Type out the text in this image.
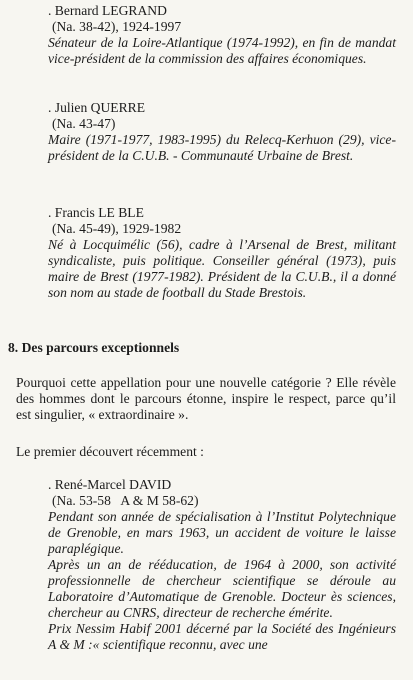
. Bernard LEGRAND
(Na. 38-42), 1924-1997

Sénateur de la Loire-Atlantique (1974-1992), en fin de mandat vice-président de la commission des affaires économiques.

. Julien QUERRE
(Na. 43-47)

Maire (1971-1977, 1983-1995) du Relecq-Kerhuon (29), vice-président de la C.U.B. - Communauté Urbaine de Brest.

. Francis LE BLE
(Na. 45-49), 1929-1982

Né à Locquimélic (56), cadre à l’Arsenal de Brest, militant syndicaliste, puis politique. Conseiller général (1973), puis maire de Brest (1977-1982). Président de la C.U.B., il a donné son nom au stade de football du Stade Brestois.

8. Des parcours exceptionnels

Pourquoi cette appellation pour une nouvelle catégorie ? Elle révèle des hommes dont le parcours étonne, inspire le respect, parce qu’il est singulier, « extraordinaire ».

Le premier découvert récemment :
. René-Marcel DAVID
(Na. 53-58   A & M 58-62)

Pendant son année de spécialisation à l’Institut Polytechnique de Grenoble, en mars 1963, un accident de voiture le laisse paraplégique.

Après un an de rééducation, de 1964 à 2000, son activité professionnelle de chercheur scientifique se déroule au Laboratoire d’Automatique de Grenoble. Docteur ès sciences, chercheur au CNRS, directeur de recherche émérite.

Prix Nessim Habif 2001 décerné par la Société des Ingénieurs A & M :« scientifique reconnu, avec une
